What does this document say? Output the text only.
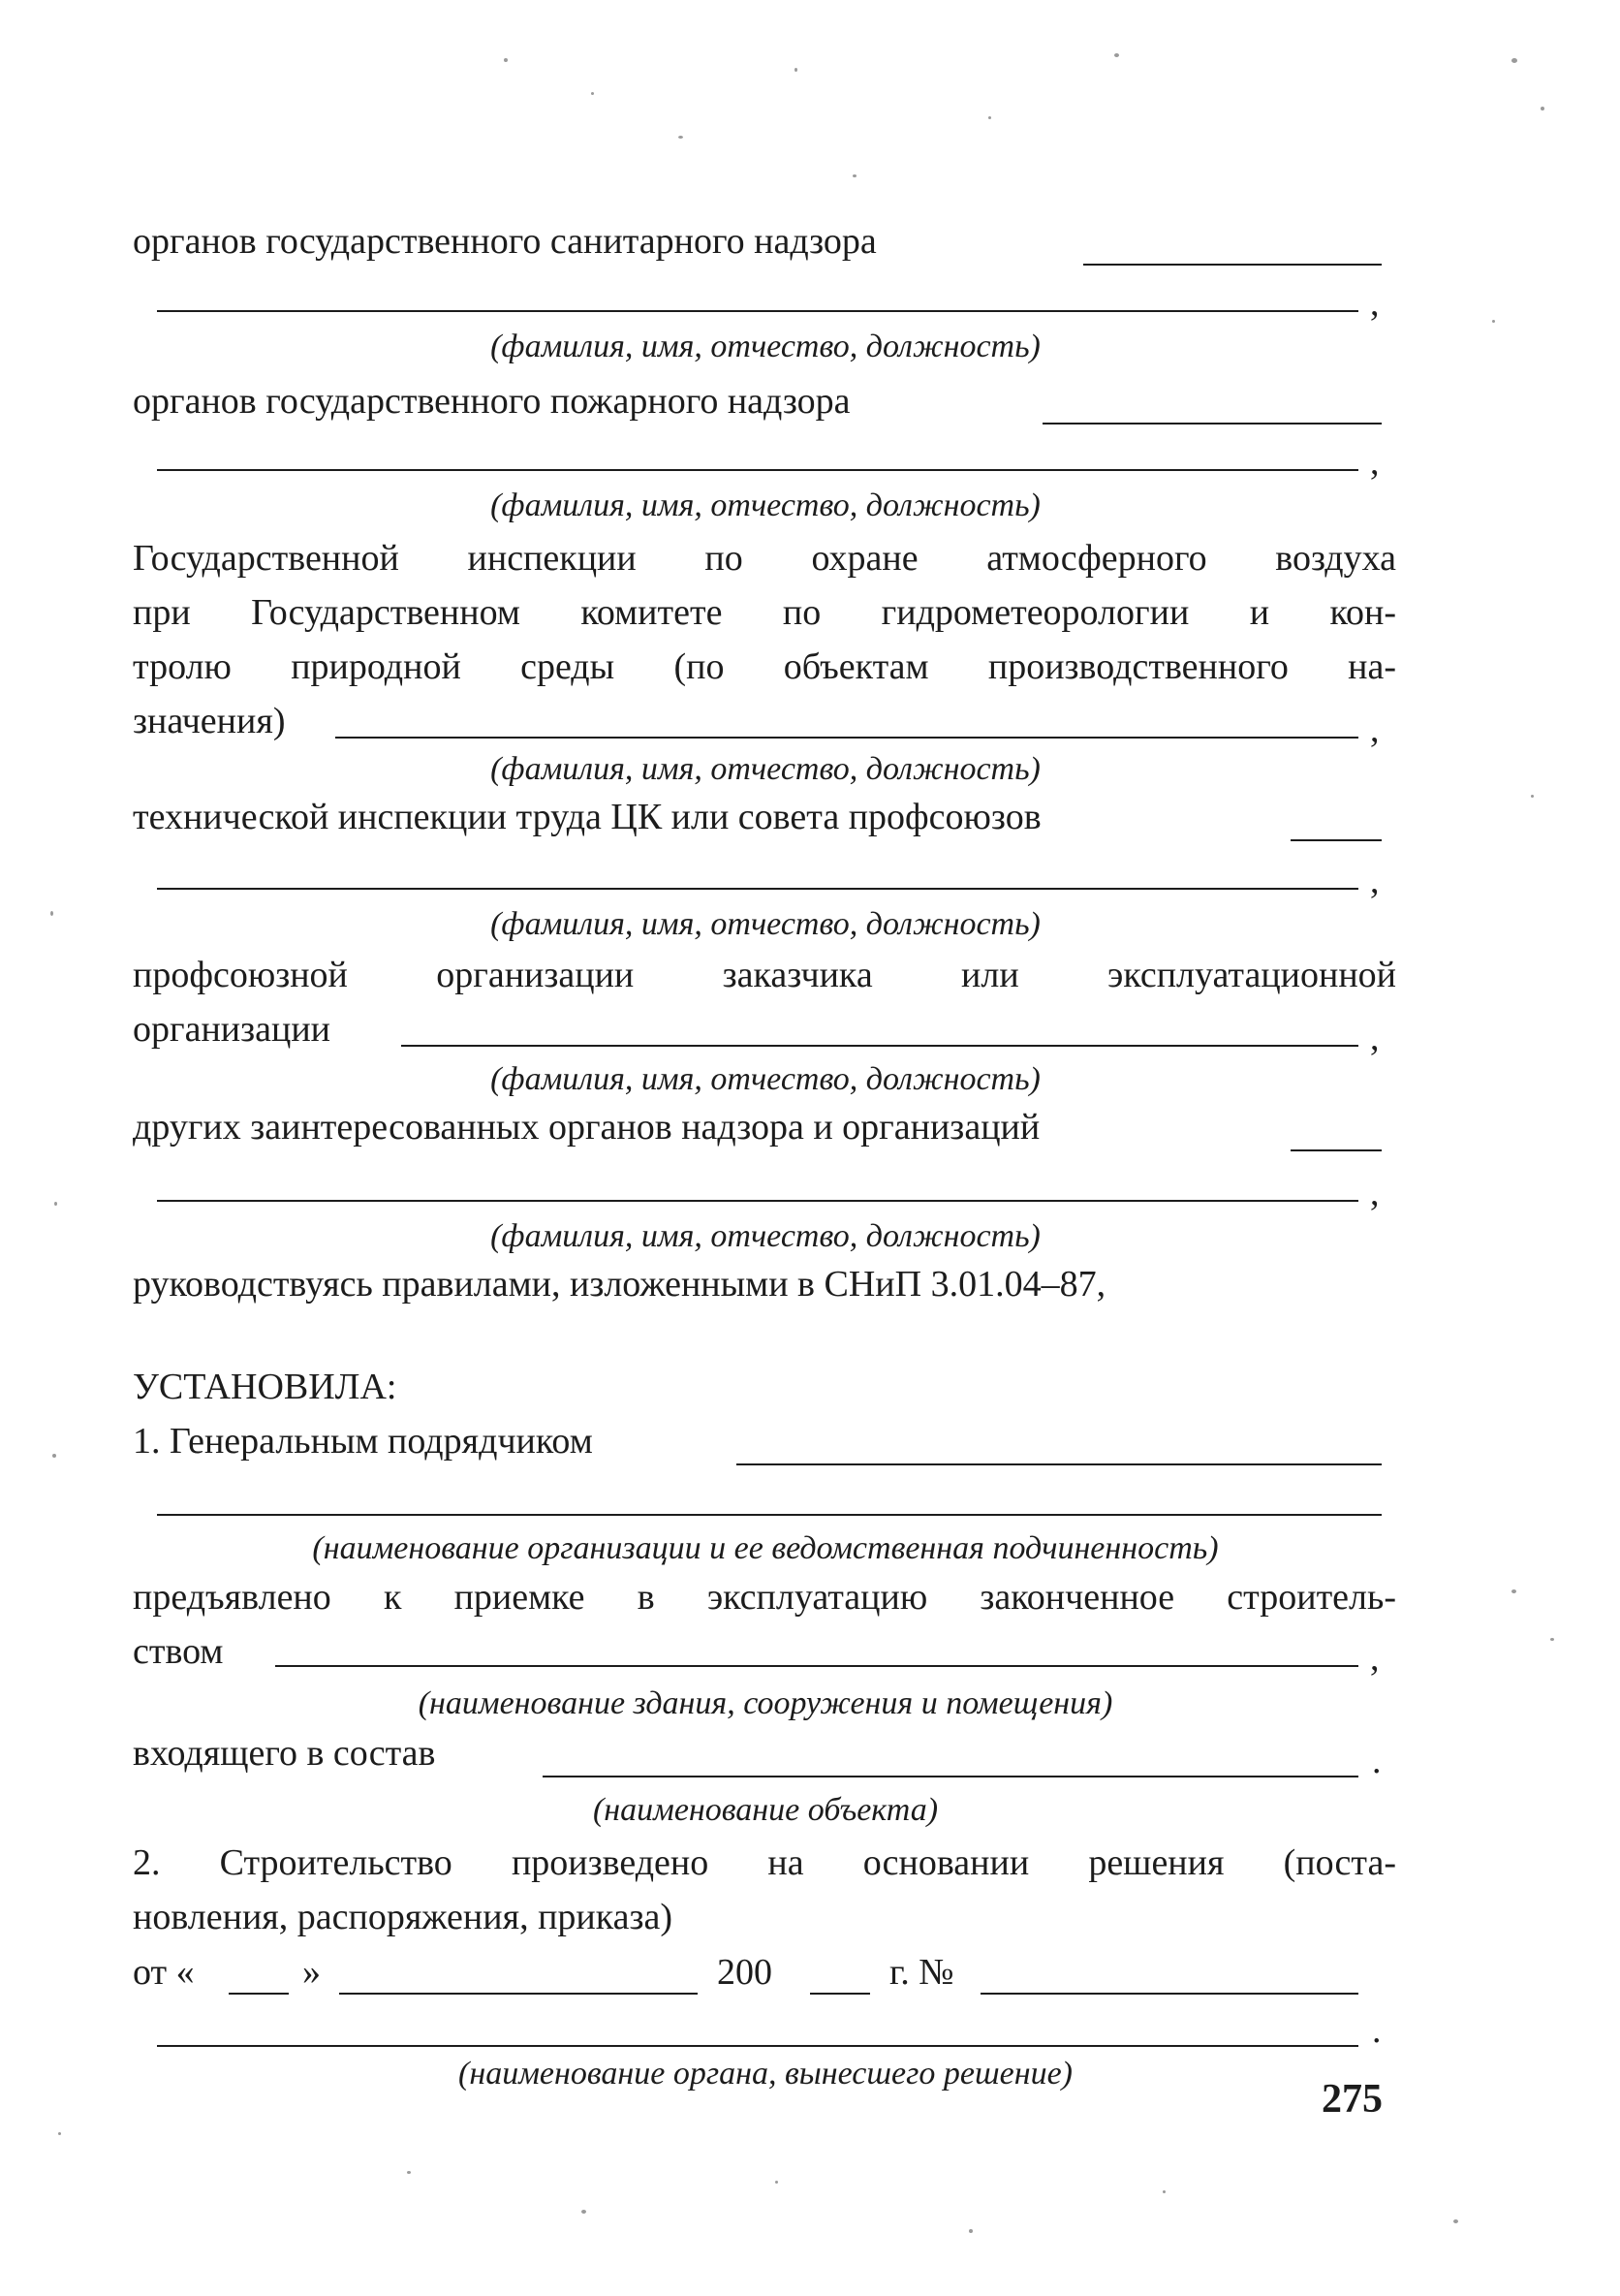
органов государственного санитарного надзора
,
(фамилия, имя, отчество, должность)
органов государственного пожарного надзора
,
(фамилия, имя, отчество, должность)
Государственной инспекции по охране атмосферного воздуха
при Государственном комитете по гидрометеорологии и кон-
тролю природной среды (по объектам производственного на-
значения)	,
(фамилия, имя, отчество, должность)
технической инспекции труда ЦК или совета профсоюзов
,
(фамилия, имя, отчество, должность)
профсоюзной организации заказчика или эксплуатационной
организации	,
(фамилия, имя, отчество, должность)
других заинтересованных органов надзора и организаций
,
(фамилия, имя, отчество, должность)
руководствуясь правилами, изложенными в СНиП 3.01.04–87,
УСТАНОВИЛА:
1. Генеральным подрядчиком
(наименование организации и ее ведомственная подчиненность)
предъявлено к приемке в эксплуатацию законченное строитель-
ством	,
(наименование здания, сооружения и помещения)
входящего в состав	.
(наименование объекта)
2. Строительство произведено на основании решения (поста-
новления, распоряжения, приказа)
от «	»	200	г. №
.
(наименование органа, вынесшего решение)
275
